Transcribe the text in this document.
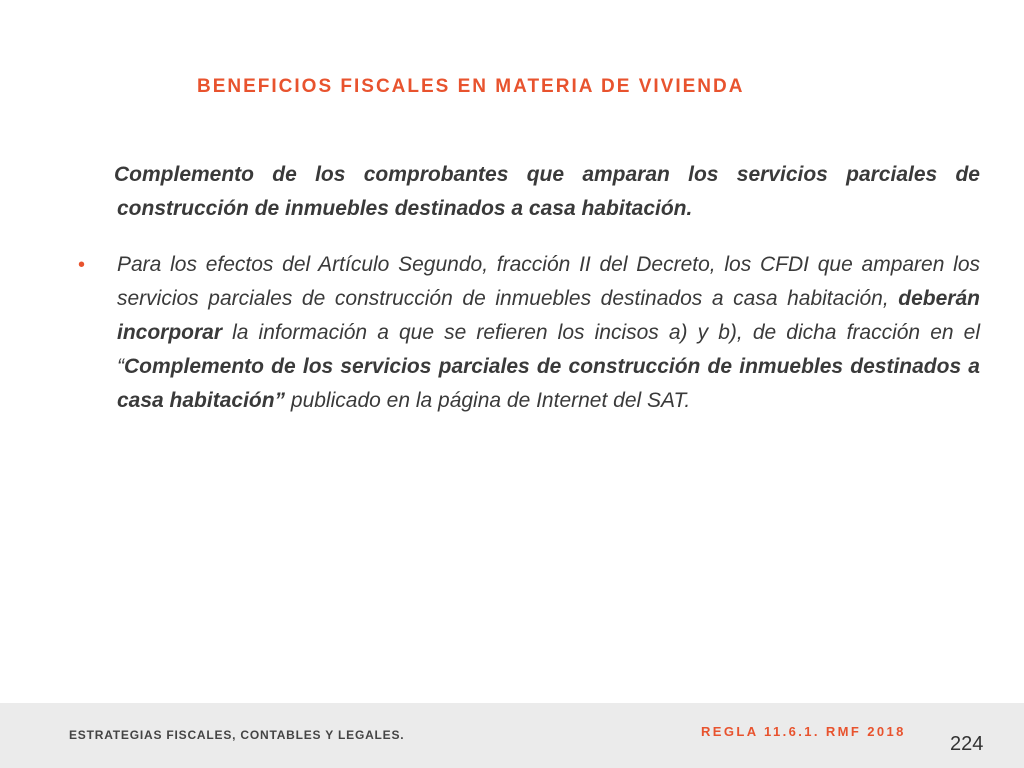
BENEFICIOS FISCALES EN MATERIA DE VIVIENDA

Complemento de los comprobantes que amparan los servicios parciales de construcción de inmuebles destinados a casa habitación.

• Para los efectos del Artículo Segundo, fracción II del Decreto, los CFDI que amparen los servicios parciales de construcción de inmuebles destinados a casa habitación, deberán incorporar la información a que se refieren los incisos a) y b), de dicha fracción en el “Complemento de los servicios parciales de construcción de inmuebles destinados a casa habitación” publicado en la página de Internet del SAT.

ESTRATEGIAS FISCALES, CONTABLES Y LEGALES.	REGLA 11.6.1. RMF 2018
224
